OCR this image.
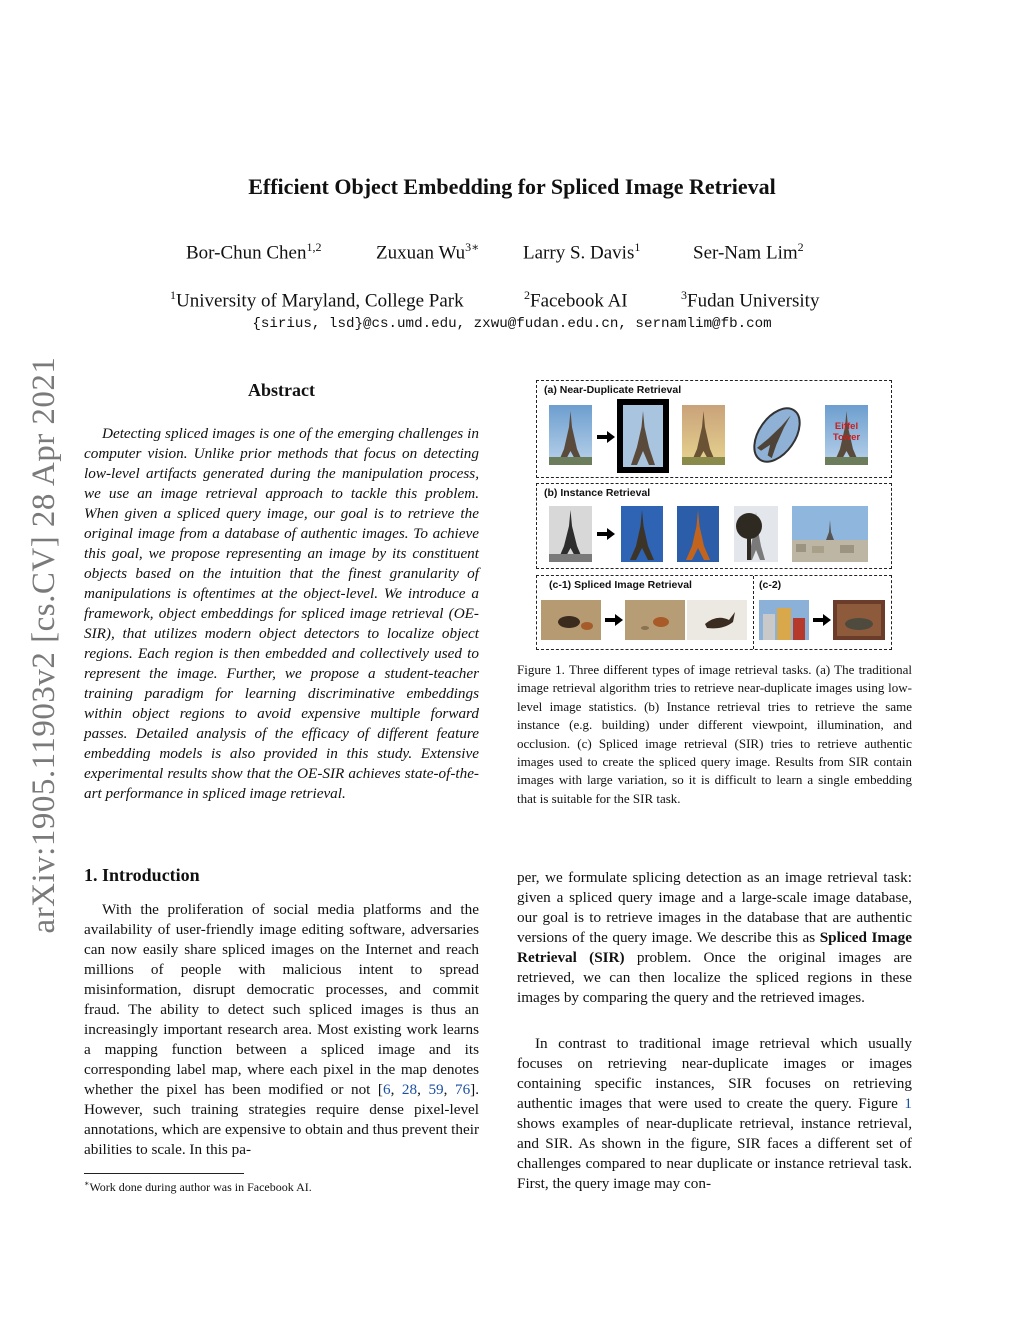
arXiv:1905.11903v2 [cs.CV] 28 Apr 2021
Efficient Object Embedding for Spliced Image Retrieval
Bor-Chun Chen$^{1,2}$	Zuxuan $Wu^{3∗}$ Larry S. Davis$^1$	Ser-Nam Lim$^2$
$^1$University of Maryland, College Park	$^2$Facebook AI	$^3$Fudan University
{sirius, lsd}@cs.umd.edu, zxwu@fudan.edu.cn, sernamlim@fb.com
Abstract
Detecting spliced images is one of the emerging challenges in computer vision. Unlike prior methods that focus on detecting low-level artifacts generated during the manipulation process, we use an image retrieval approach to tackle this problem. When given a spliced query image, our goal is to retrieve the original image from a database of authentic images. To achieve this goal, we propose representing an image by its constituent objects based on the intuition that the finest granularity of manipulations is oftentimes at the object-level. We introduce a framework, object embeddings for spliced image retrieval (OE-SIR), that utilizes modern object detectors to localize object regions. Each region is then embedded and collectively used to represent the image. Further, we propose a student-teacher training paradigm for learning discriminative embeddings within object regions to avoid expensive multiple forward passes. Detailed analysis of the efficacy of different feature embedding models is also provided in this study. Extensive experimental results show that the OE-SIR achieves state-of-the-art performance in spliced image retrieval.
1. Introduction
With the proliferation of social media platforms and the availability of user-friendly image editing software, adversaries can now easily share spliced images on the Internet and reach millions of people with malicious intent to spread misinformation, disrupt democratic processes, and commit fraud. The ability to detect such spliced images is thus an increasingly important research area. Most existing work learns a mapping function between a spliced image and its corresponding label map, where each pixel in the map denotes whether the pixel has been modified or not [6, 28, 59, 76]. However, such training strategies require dense pixel-level annotations, which are expensive to obtain and thus prevent their abilities to scale. In this pa-
∗Work done during author was in Facebook AI.
per, we formulate splicing detection as an image retrieval task: given a spliced query image and a large-scale image database, our goal is to retrieve images in the database that are authentic versions of the query image. We describe this as Spliced Image Retrieval (SIR) problem. Once the original images are retrieved, we can then localize the spliced regions in these images by comparing the query and the retrieved images.
In contrast to traditional image retrieval which usually focuses on retrieving near-duplicate images or images containing specific instances, SIR focuses on retrieving authentic images that were used to create the query. Figure 1 shows examples of near-duplicate retrieval, instance retrieval, and SIR. As shown in the figure, SIR faces a different set of challenges compared to near duplicate or instance retrieval task. First, the query image may con-
(a) Near-Duplicate Retrieval
Eiffel Tower
(b) Instance Retrieval
(c-1) Spliced Image Retrieval	(c-2)
Figure 1. Three different types of image retrieval tasks. (a) The traditional image retrieval algorithm tries to retrieve near-duplicate images using low-level image statistics. (b) Instance retrieval tries to retrieve the same instance (e.g. building) under different viewpoint, illumination, and occlusion. (c) Spliced image retrieval (SIR) tries to retrieve authentic images used to create the spliced query image. Results from SIR contain images with large variation, so it is difficult to learn a single embedding that is suitable for the SIR task.
